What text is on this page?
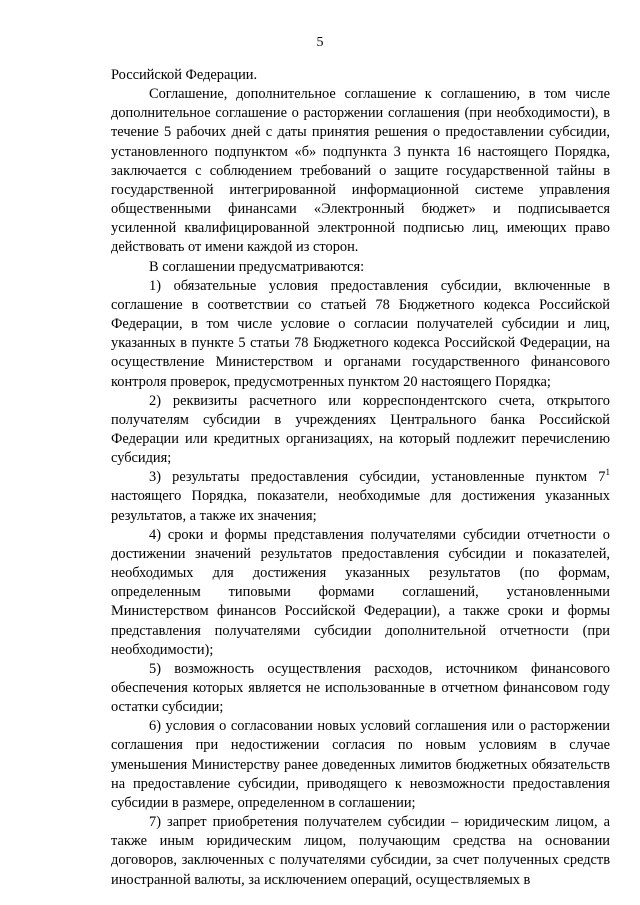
5

Российской Федерации.

Соглашение, дополнительное соглашение к соглашению, в том числе дополнительное соглашение о расторжении соглашения (при необходимости), в течение 5 рабочих дней с даты принятия решения о предоставлении субсидии, установленного подпунктом «б» подпункта 3 пункта 16 настоящего Порядка, заключается с соблюдением требований о защите государственной тайны в государственной интегрированной информационной системе управления общественными финансами «Электронный бюджет» и подписывается усиленной квалифицированной электронной подписью лиц, имеющих право действовать от имени каждой из сторон.

В соглашении предусматриваются:

1) обязательные условия предоставления субсидии, включенные в соглашение в соответствии со статьей 78 Бюджетного кодекса Российской Федерации, в том числе условие о согласии получателей субсидии и лиц, указанных в пункте 5 статьи 78 Бюджетного кодекса Российской Федерации, на осуществление Министерством и органами государственного финансового контроля проверок, предусмотренных пунктом 20 настоящего Порядка;

2) реквизиты расчетного или корреспондентского счета, открытого получателям субсидии в учреждениях Центрального банка Российской Федерации или кредитных организациях, на который подлежит перечислению субсидия;

3) результаты предоставления субсидии, установленные пунктом $7^1$ настоящего Порядка, показатели, необходимые для достижения указанных результатов, а также их значения;

4) сроки и формы представления получателями субсидии отчетности о достижении значений результатов предоставления субсидии и показателей, необходимых для достижения указанных результатов (по формам, определенным типовыми формами соглашений, установленными Министерством финансов Российской Федерации), а также сроки и формы представления получателями субсидии дополнительной отчетности (при необходимости);

5) возможность осуществления расходов, источником финансового обеспечения которых является не использованные в отчетном финансовом году остатки субсидии;

6) условия о согласовании новых условий соглашения или о расторжении соглашения при недостижении согласия по новым условиям в случае уменьшения Министерству ранее доведенных лимитов бюджетных обязательств на предоставление субсидии, приводящего к невозможности предоставления субсидии в размере, определенном в соглашении;

7) запрет приобретения получателем субсидии – юридическим лицом, а также иным юридическим лицом, получающим средства на основании договоров, заключенных с получателями субсидии, за счет полученных средств иностранной валюты, за исключением операций, осуществляемых в
